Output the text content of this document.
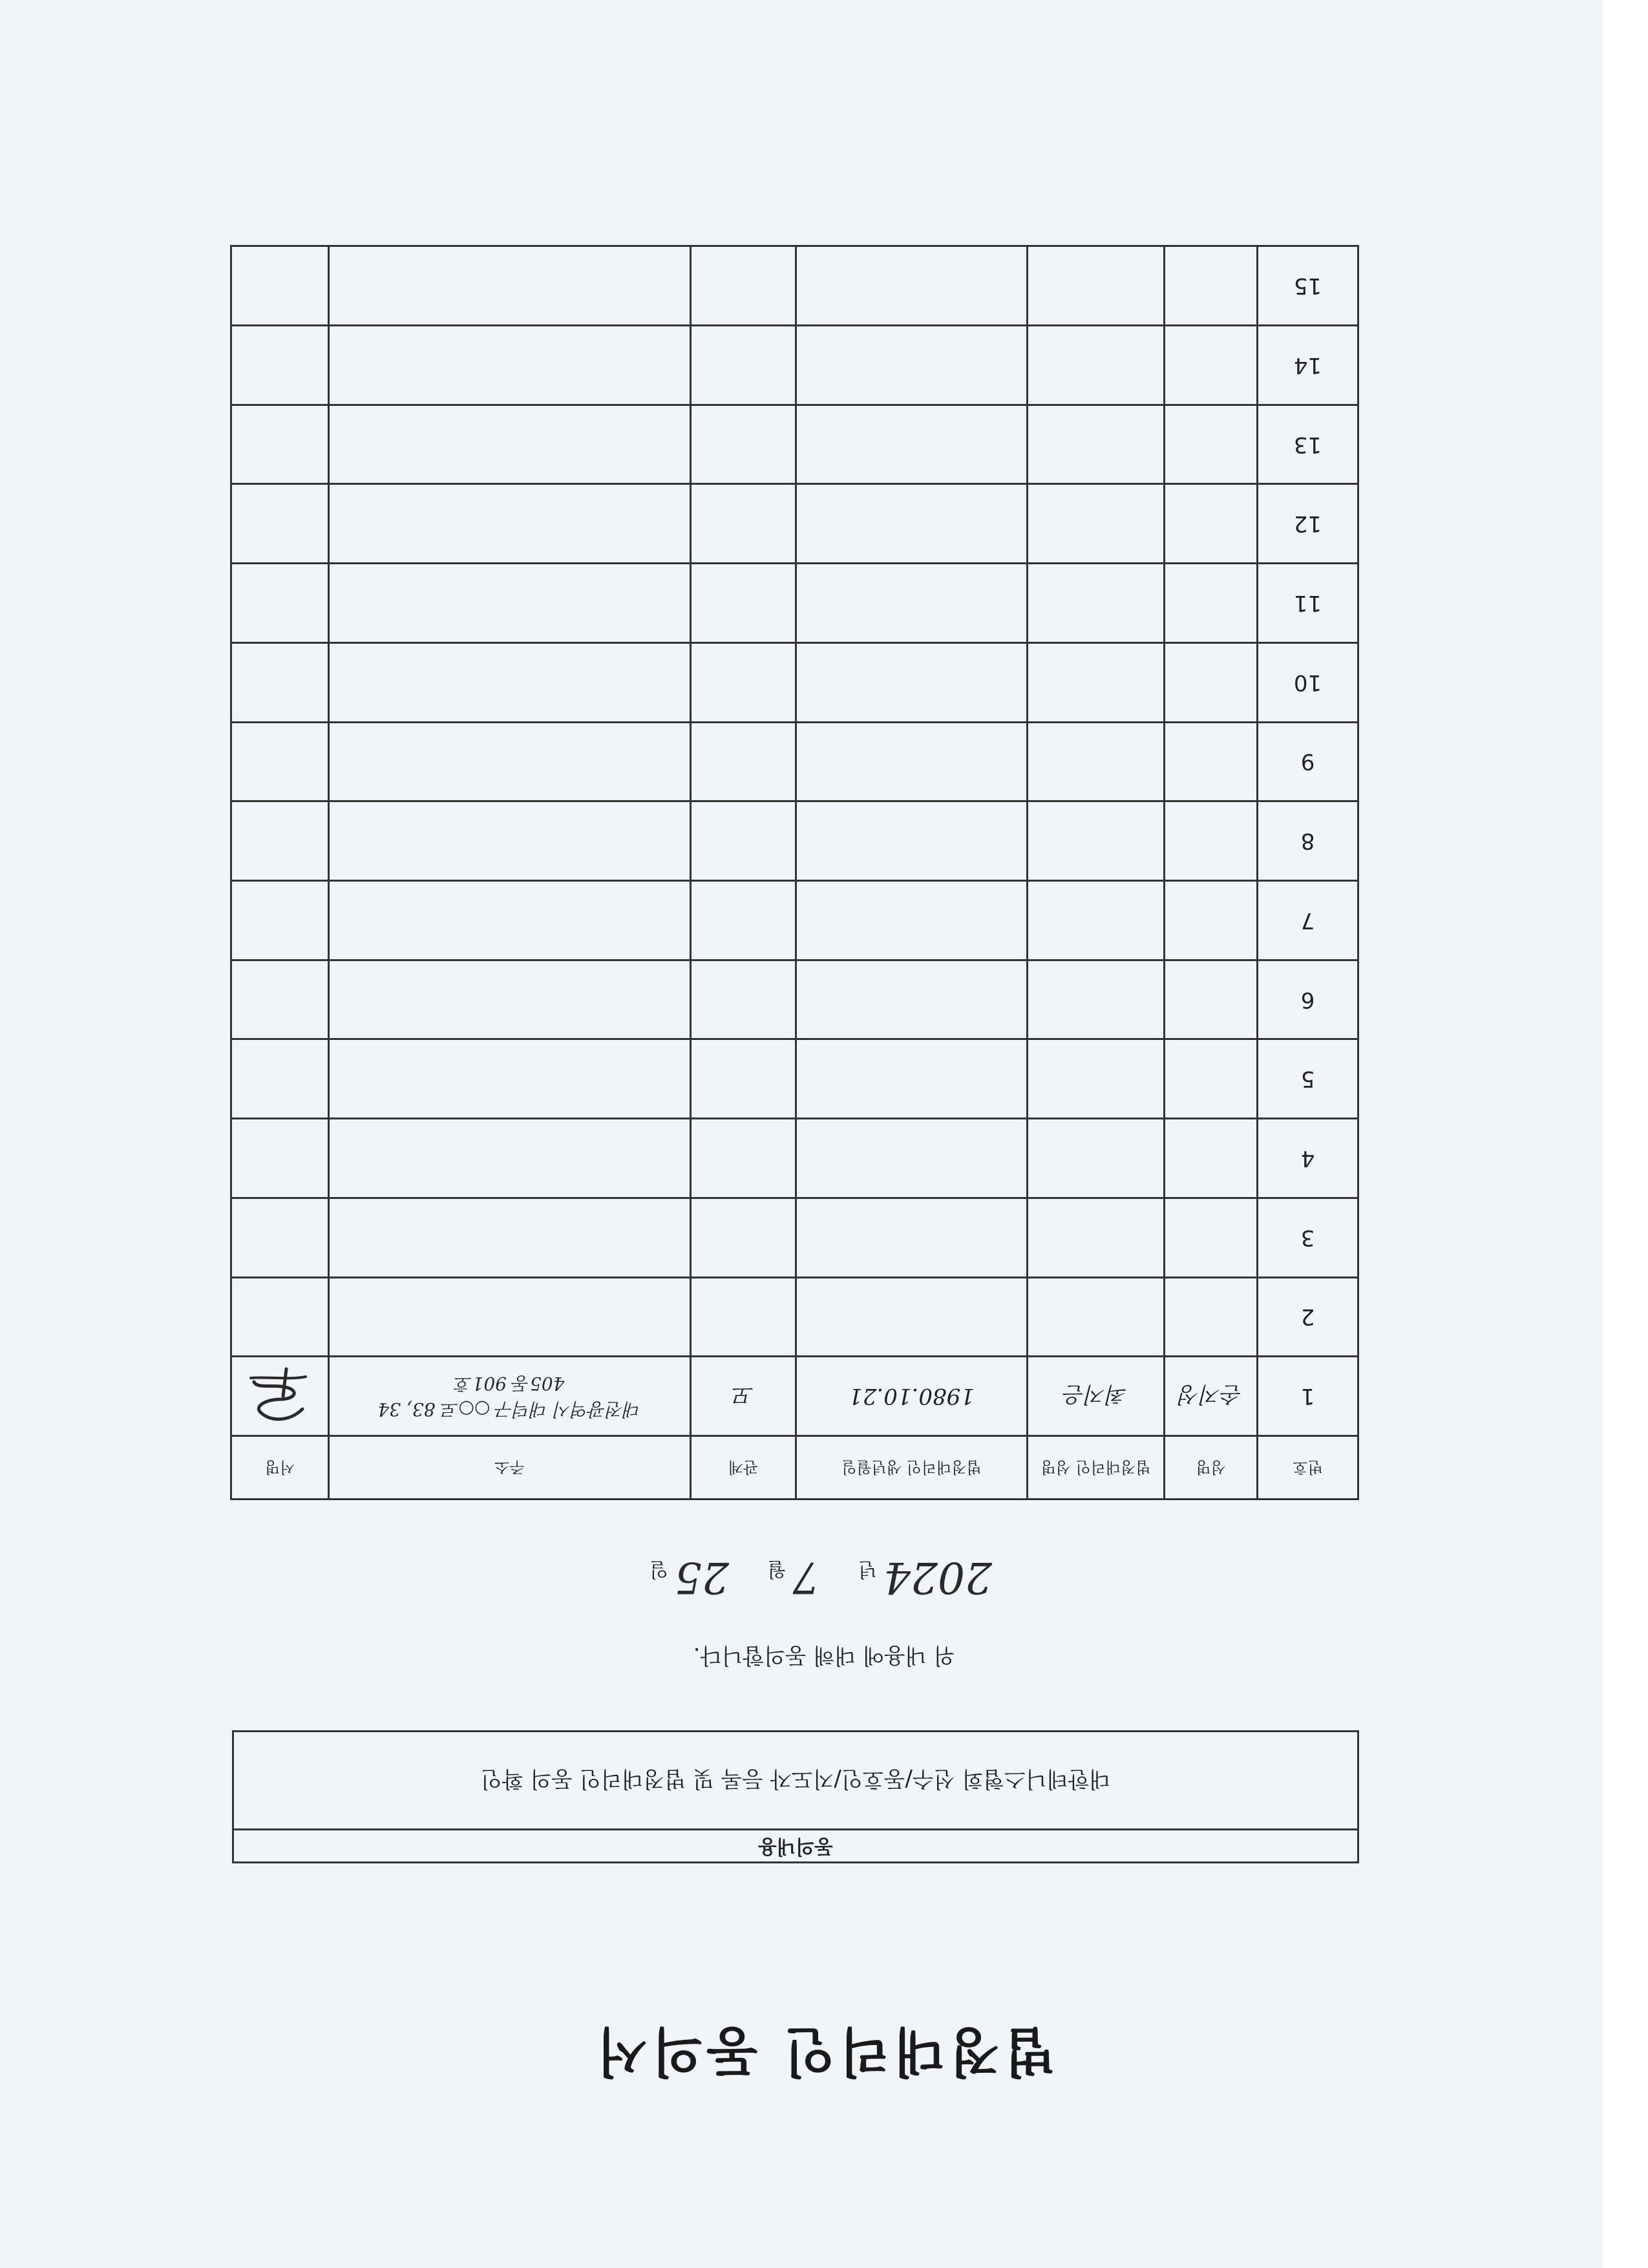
법정대리인 동의서
동의내용
대한테니스협회 선수/동호인/지도자 등록 및 법정대리인 동의 확인
위 내용에 대해 동의합니다.
2024년 7월 25일
번호	성명	법정대리인 성명	법정대리인 생년월일	관계	주소	서명
1	손지성	최지은	1980.10.21	모	대전광역시 대덕구 ○○로 83, 34
405동 901호

2						
3						
4						
5						
6						
7						
8						
9						
10						
11						
12						
13						
14						
15						
